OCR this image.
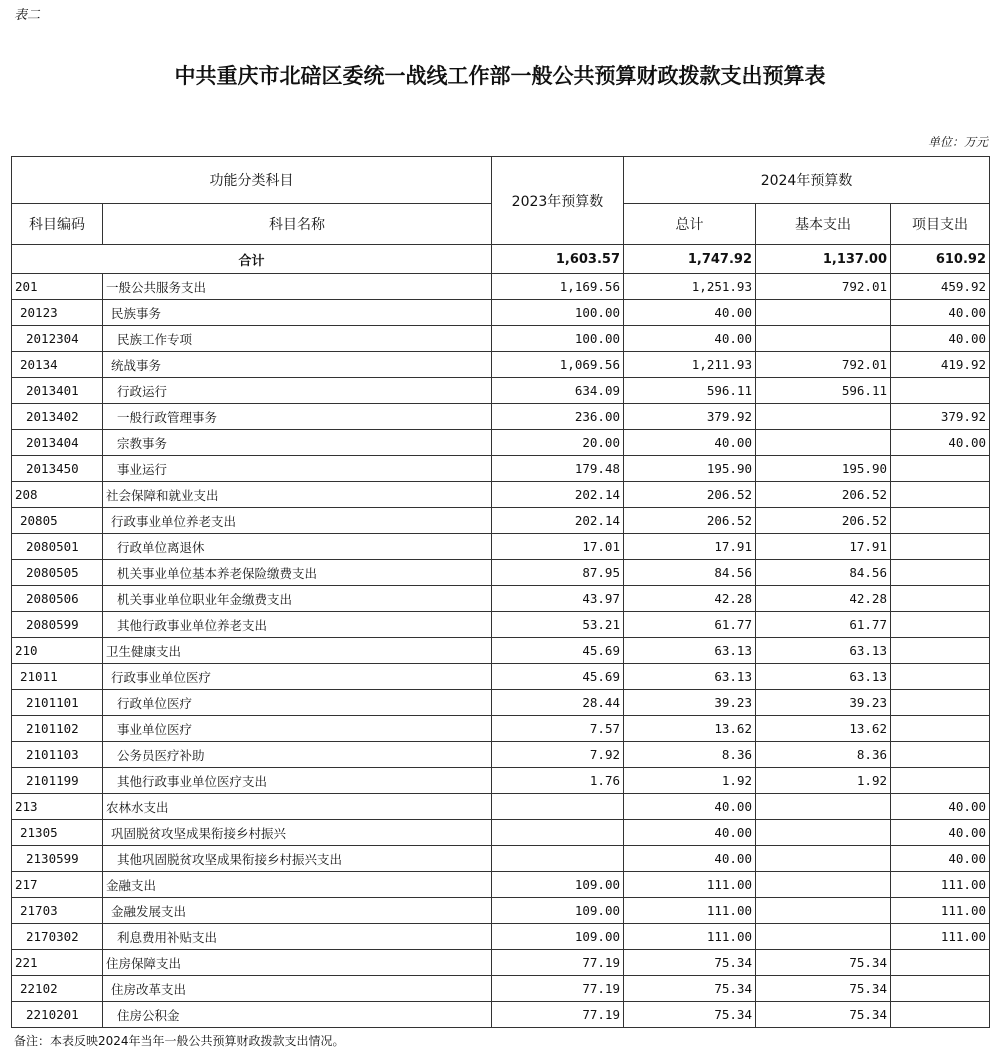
表二
中共重庆市北碚区委统一战线工作部一般公共预算财政拨款支出预算表
单位：万元
功能分类科目		2023年预算数	2024年预算数		
科目编码	科目名称		总计	基本支出	项目支出
合计		1,603.57	1,747.92	1,137.00	610.92
201	一般公共服务支出	1,169.56	1,251.93	792.01	459.92
20123	民族事务	100.00	40.00		40.00
2012304	民族工作专项	100.00	40.00		40.00
20134	统战事务	1,069.56	1,211.93	792.01	419.92
2013401	行政运行	634.09	596.11	596.11	
2013402	一般行政管理事务	236.00	379.92		379.92
2013404	宗教事务	20.00	40.00		40.00
2013450	事业运行	179.48	195.90	195.90	
208	社会保障和就业支出	202.14	206.52	206.52	
20805	行政事业单位养老支出	202.14	206.52	206.52	
2080501	行政单位离退休	17.01	17.91	17.91	
2080505	机关事业单位基本养老保险缴费支出	87.95	84.56	84.56	
2080506	机关事业单位职业年金缴费支出	43.97	42.28	42.28	
2080599	其他行政事业单位养老支出	53.21	61.77	61.77	
210	卫生健康支出	45.69	63.13	63.13	
21011	行政事业单位医疗	45.69	63.13	63.13	
2101101	行政单位医疗	28.44	39.23	39.23	
2101102	事业单位医疗	7.57	13.62	13.62	
2101103	公务员医疗补助	7.92	8.36	8.36	
2101199	其他行政事业单位医疗支出	1.76	1.92	1.92	
213	农林水支出		40.00		40.00
21305	巩固脱贫攻坚成果衔接乡村振兴		40.00		40.00
2130599	其他巩固脱贫攻坚成果衔接乡村振兴支出		40.00		40.00
217	金融支出	109.00	111.00		111.00
21703	金融发展支出	109.00	111.00		111.00
2170302	利息费用补贴支出	109.00	111.00		111.00
221	住房保障支出	77.19	75.34	75.34	
22102	住房改革支出	77.19	75.34	75.34	
2210201	住房公积金	77.19	75.34	75.34	
备注：本表反映2024年当年一般公共预算财政拨款支出情况。
